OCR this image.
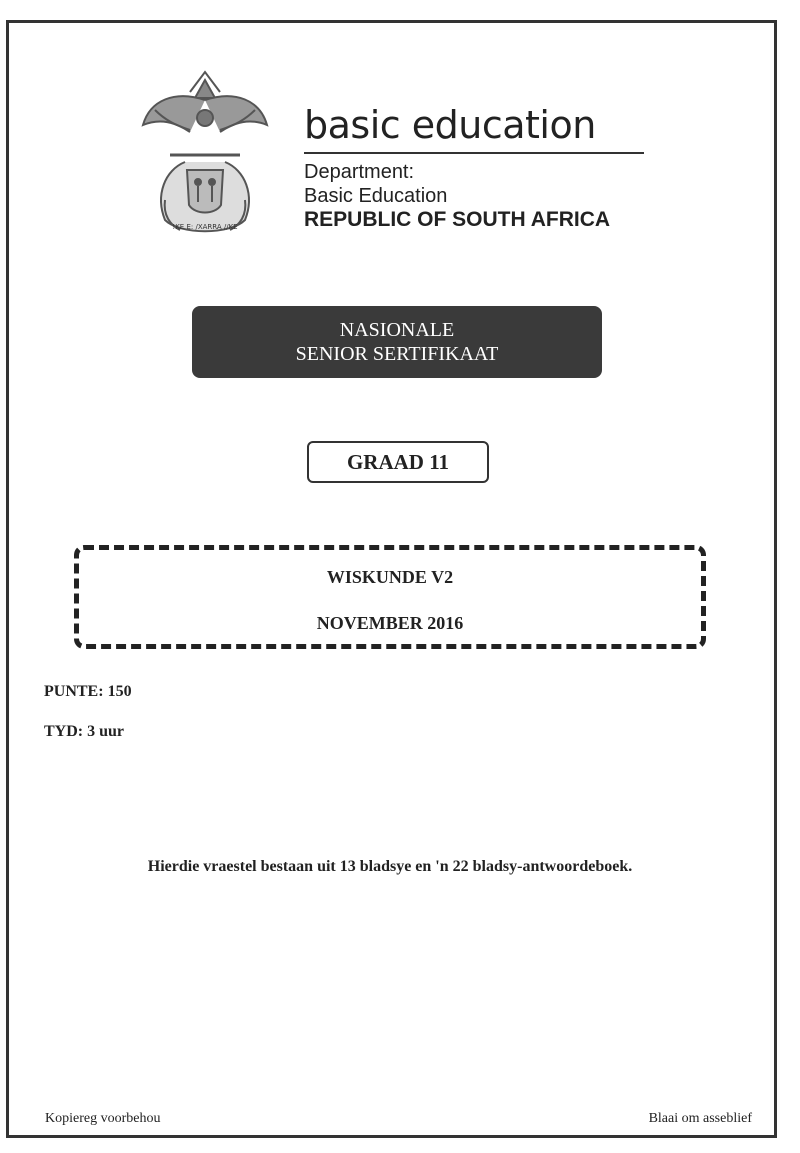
!KE E: /XARRA //KE
basic education
Department:
Basic Education
REPUBLIC OF SOUTH AFRICA
NASIONALE
SENIOR SERTIFIKAAT
GRAAD 11
WISKUNDE V2
NOVEMBER 2016
PUNTE: 150
TYD: 3 uur
Hierdie vraestel bestaan uit 13 bladsye en 'n 22 bladsy-antwoordeboek.
Kopiereg voorbehou	Blaai om asseblief
